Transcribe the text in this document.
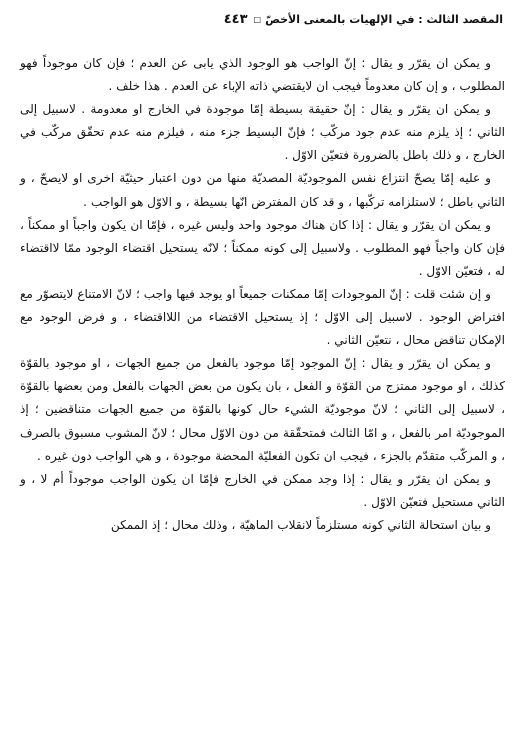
المقصد الثالث : في الإلهيات بالمعنى الأخصّ
□
٤٤٣

و يمكن ان يقرّر و يقال : إنّ الواجب هو الوجود الذي يابى عن العدم ؛ فإن كان موجوداً فهو المطلوب ، و إن كان معدوماً فيجب ان لايقتضي ذاته الإباء عن العدم . هذا خلف .

و يمكن ان يقرّر و يقال : إنّ حقيقة بسيطة إمّا موجودة في الخارج او معدومة . لاسبيل إلى الثاني ؛ إذ يلزم منه عدم جود مركّب ؛ فإنّ البسيط جزء منه ، فيلزم منه عدم تحقّق مركّب في الخارج ، و ذلك باطل بالضرورة فتعيّن الاوّل .

و عليه إمّا يصحّ انتزاع نفس الموجوديّة المصديّة منها من دون اعتبار حيثيّة اخرى او لايصحّ ، و الثاني باطل ؛ لاستلزامه تركّبها ، و قد كان المفترض انّها بسيطة ، و الاوّل هو الواجب .

و يمكن ان يقرّر و يقال : إذا كان هناك موجود واحد وليس غيره ، فإمّا ان يكون واجباً او ممكناً ، فإن كان واجباً فهو المطلوب . ولاسبيل إلى كونه ممكناً ؛ لانّه يستحيل اقتضاء الوجود ممّا لااقتضاء له ، فتعيّن الاوّل .

و إن شئت قلت : إنّ الموجودات إمّا ممكنات جميعاً او يوجد فيها واجب ؛ لانّ الامتناع لايتصوّر مع افتراض الوجود . لاسبيل إلى الاوّل ؛ إذ يستحيل الاقتضاء من اللااقتضاء ، و فرض الوجود مع الإمكان تناقض محال ، نتعيّن الثاني .

و يمكن ان يقرّر و يقال : إنّ الموجود إمّا موجود بالفعل من جميع الجهات ، او موجود بالقوّة كذلك ، او موجود ممتزج من القوّة و الفعل ، بان يكون من بعض الجهات بالفعل ومن بعضها بالقوّة ، لاسبيل إلى الثاني ؛ لانّ موجوديّة الشيء حال كونها بالقوّة من جميع الجهات متناقضين ؛ إذ الموجوديّة امر بالفعل ، و امّا الثالث فمتحقّقة من دون الاوّل محال ؛ لانّ المشوب مسبوق بالصرف ، و المركّب متقدّم بالجزء ، فيجب ان تكون الفعليّة المحضة موجودة ، و هي الواجب دون غيره .

و يمكن ان يقرّر و يقال : إذا وجد ممكن في الخارج فإمّا ان يكون الواجب موجوداً أم لا ، و الثاني مستحيل فتعيّن الاوّل .

و بيان استحالة الثاني كونه مستلزماً لانقلاب الماهيّة ، وذلك محال ؛ إذ الممكن
